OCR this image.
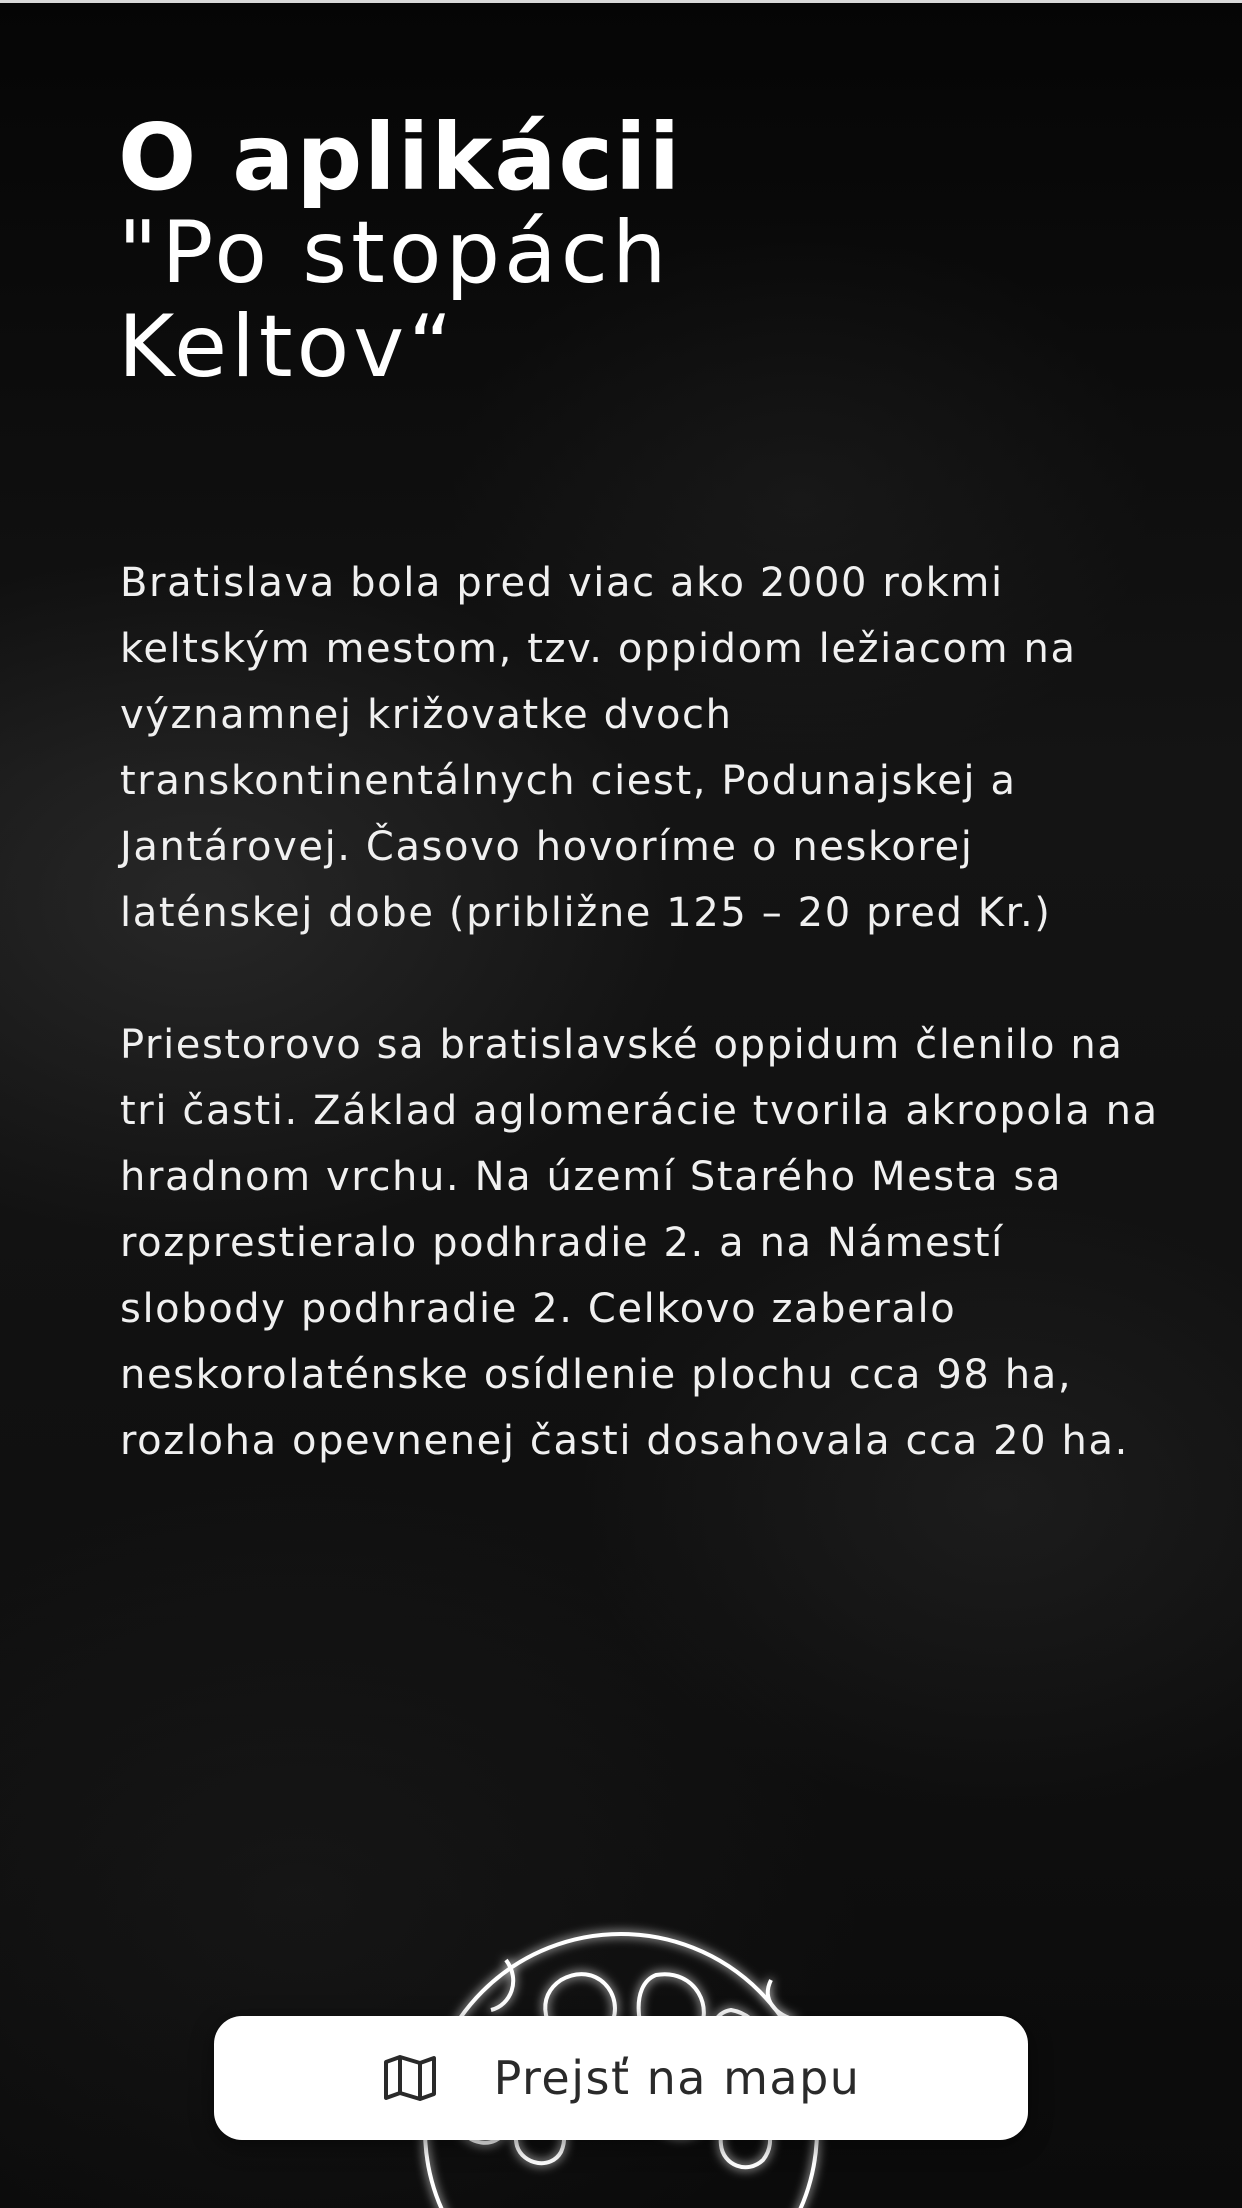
O aplikácii
"Po stopách
Keltov“

Bratislava bola pred viac ako 2000 rokmi keltským mestom, tzv. oppidom ležiacom na významnej križovatke dvoch transkontinentálnych ciest, Podunajskej a Jantárovej. Časovo hovoríme o neskorej laténskej dobe (približne 125 – 20 pred Kr.)

Priestorovo sa bratislavské oppidum členilo na tri časti. Základ aglomerácie tvorila akropola na hradnom vrchu. Na území Starého Mesta sa rozprestieralo podhradie 2. a na Námestí slobody podhradie 2. Celkovo zaberalo neskorolaténske osídlenie plochu cca 98 ha, rozloha opevnenej časti dosahovala cca 20 ha.

Prejsť na mapu
